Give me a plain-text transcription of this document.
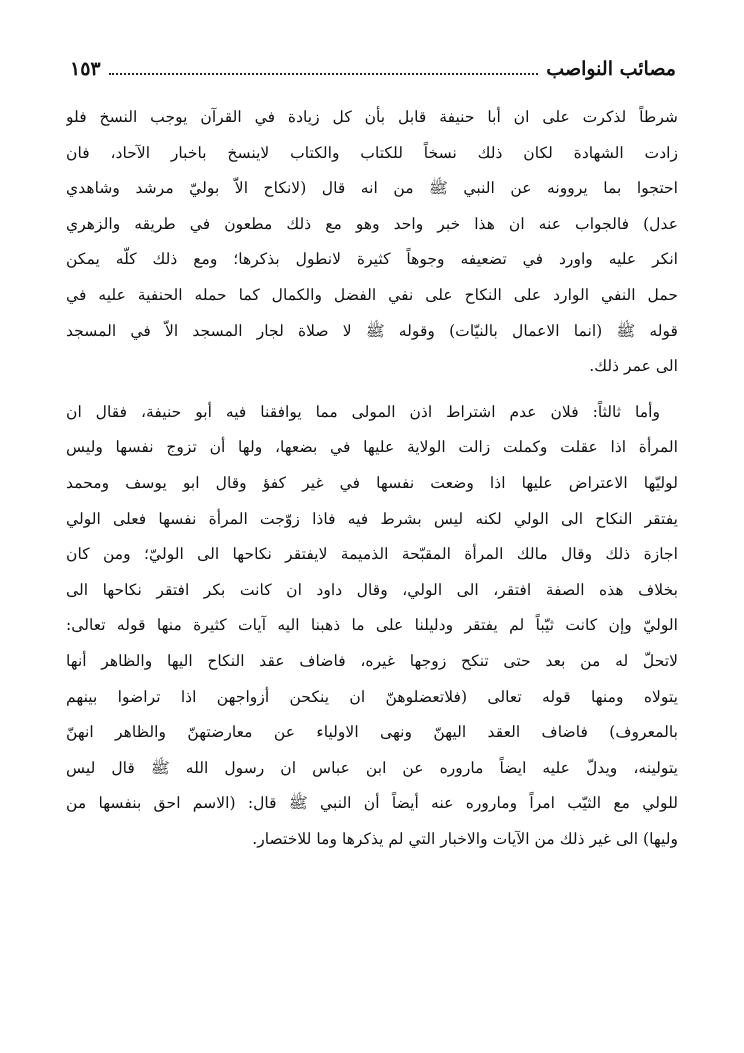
مصائب النواصب
١٥٣
شرطاً لذكرت على ان أبا حنيفة قابل بأن كل زيادة في القرآن يوجب النسخ فلو
زادت الشهادة لكان ذلك نسخاً للكتاب والكتاب لاينسخ باخبار الآحاد، فان
احتجوا بما يروونه عن النبي ﷺ من انه قال (لانكاح الاّ بوليّ مرشد وشاهدي
عدل) فالجواب عنه ان هذا خبر واحد وهو مع ذلك مطعون في طريقه والزهري
انكر عليه واورد في تضعيفه وجوهاً كثيرة لانطول بذكرها؛ ومع ذلك كلّه يمكن
حمل النفي الوارد على النكاح على نفي الفضل والكمال كما حمله الحنفية عليه في
قوله ﷺ (انما الاعمال بالنيّات) وقوله ﷺ لا صلاة لجار المسجد الاّ في المسجد
الى عمر ذلك.
وأما ثالثاً: فلان عدم اشتراط اذن المولى مما يوافقنا فيه أبو حنيفة، فقال ان
المرأة اذا عقلت وكملت زالت الولاية عليها في بضعها، ولها أن تزوج نفسها وليس
لوليّها الاعتراض عليها اذا وضعت نفسها في غير كفؤ وقال ابو يوسف ومحمد
يفتقر النكاح الى الولي لكنه ليس بشرط فيه فاذا زوّجت المرأة نفسها فعلى الولي
اجازة ذلك وقال مالك المرأة المقبّحة الذميمة لايفتقر نكاحها الى الوليّ؛ ومن كان
بخلاف هذه الصفة افتقر، الى الولي، وقال داود ان كانت بكر افتقر نكاحها الى
الوليّ وإن كانت ثيّباً لم يفتقر ودليلنا على ما ذهبنا اليه آيات كثيرة منها قوله تعالى:
لاتحلّ له من بعد حتى تنكح زوجها غيره، فاضاف عقد النكاح اليها والظاهر أنها
يتولاه ومنها قوله تعالى (فلاتعضلوهنّ ان ينكحن أزواجهن اذا تراضوا بينهم
بالمعروف) فاضاف العقد اليهنّ ونهى الاولياء عن معارضتهنّ والظاهر انهنّ
يتولينه، ويدلّ عليه ايضاً ماروره عن ابن عباس ان رسول الله ﷺ قال ليس
للولي مع الثيّب امراً وماروره عنه أيضاً أن النبي ﷺ قال: (الاسم احق بنفسها من
وليها) الى غير ذلك من الآيات والاخبار التي لم يذكرها وما للاختصار.
